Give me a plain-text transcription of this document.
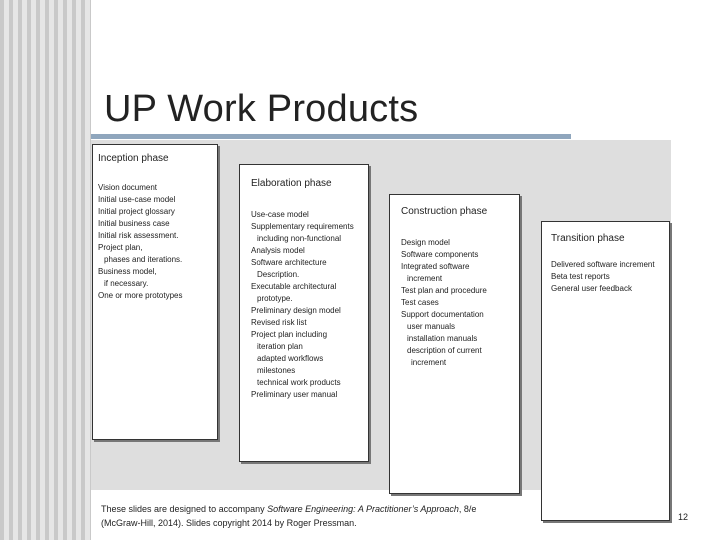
UP Work Products
Inception phase
Vision document
Initial use-case model
Initial project glossary
Initial business case
Initial risk assessment.
Project plan,
phases and iterations.
Business model,
if necessary.
One or more prototypes
Elaboration phase
Use-case model
Supplementary requirements
including non-functional
Analysis model
Software architecture
Description.
Executable architectural
prototype.
Preliminary design model
Revised risk list
Project plan including
iteration plan
adapted workflows
milestones
technical work products
Preliminary user manual
Construction phase
Design model
Software components
Integrated software
increment
Test plan and procedure
Test cases
Support documentation
user manuals
installation manuals
description of current
increment
Transition phase
Delivered software increment
Beta test reports
General user feedback
These slides are designed to accompany Software Engineering: A Practitioner’s Approach, 8/e
(McGraw-Hill, 2014). Slides copyright 2014 by Roger Pressman.
12
